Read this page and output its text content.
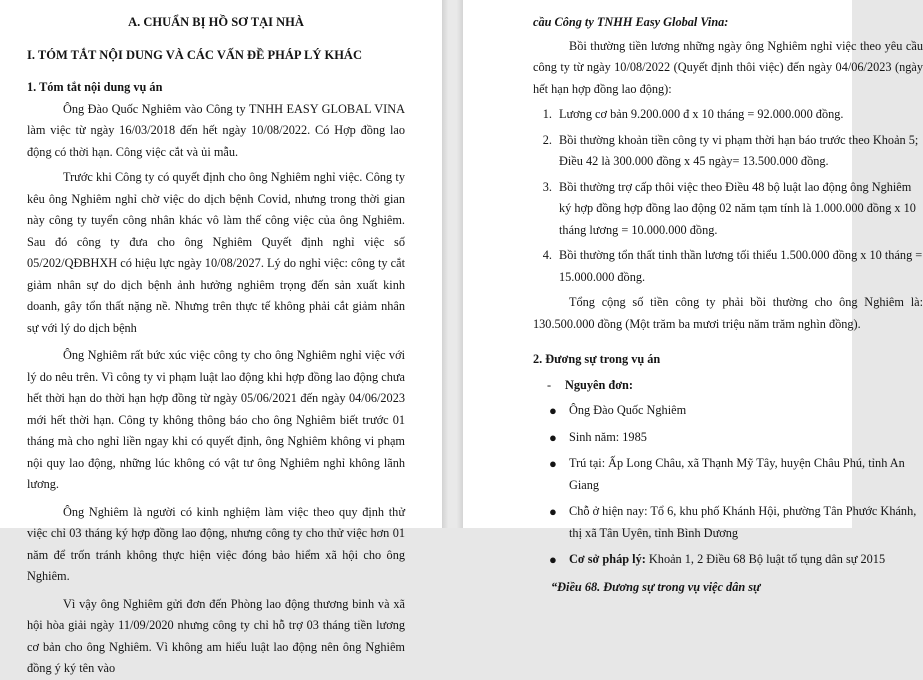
A. CHUẨN BỊ HỒ SƠ TẠI NHÀ
I. TÓM TẮT NỘI DUNG VÀ CÁC VẤN ĐỀ PHÁP LÝ KHÁC
1. Tóm tắt nội dung vụ án

Ông Đào Quốc Nghiêm vào Công ty TNHH EASY GLOBAL VINA làm việc từ ngày 16/03/2018 đến hết ngày 10/08/2022. Có Hợp đồng lao động có thời hạn. Công việc cắt và ủi mẫu.

Trước khi Công ty có quyết định cho ông Nghiêm nghỉ việc. Công ty kêu ông Nghiêm nghỉ chờ việc do dịch bệnh Covid, nhưng trong thời gian này công ty tuyển công nhân khác vô làm thế công việc của ông Nghiêm. Sau đó công ty đưa cho ông Nghiêm Quyết định nghỉ việc số 05/202/QĐBHXH có hiệu lực ngày 10/08/2027. Lý do nghỉ việc: công ty cắt giảm nhân sự do dịch bệnh ảnh hưởng nghiêm trọng đến sản xuất kinh doanh, gây tổn thất nặng nề. Nhưng trên thực tế không phải cắt giảm nhân sự với lý do dịch bệnh

Ông Nghiêm rất bức xúc việc công ty cho ông Nghiêm nghỉ việc với lý do nêu trên. Vì công ty vi phạm luật lao động khi hợp đồng lao động chưa hết thời hạn do thời hạn hợp đồng từ ngày 05/06/2021 đến ngày 04/06/2023 mới hết thời hạn. Công ty không thông báo cho ông Nghiêm biết trước 01 tháng mà cho nghỉ liền ngay khi có quyết định, ông Nghiêm không vi phạm nội quy lao động, những lúc không có vật tư ông Nghiêm nghỉ không lãnh lương.

Ông Nghiêm là người có kinh nghiệm làm việc theo quy định thử việc chỉ 03 tháng ký hợp đồng lao động, nhưng công ty cho thử việc hơn 01 năm để trốn tránh không thực hiện việc đóng bảo hiểm xã hội cho ông Nghiêm.

Vì vậy ông Nghiêm gửi đơn đến Phòng lao động thương binh và xã hội hòa giải ngày 11/09/2020 nhưng công ty chỉ hỗ trợ 03 tháng tiền lương cơ bản cho ông Nghiêm. Vì không am hiểu luật lao động nên ông Nghiêm đồng ý ký tên vào

cầu Công ty TNHH Easy Global Vina:

Bồi thường tiền lương những ngày ông Nghiêm nghỉ việc theo yêu cầu công ty từ ngày 10/08/2022 (Quyết định thôi việc) đến ngày 04/06/2023 (ngày hết hạn hợp đồng lao động):

1. Lương cơ bản 9.200.000 đ x 10 tháng = 92.000.000 đồng.
2. Bồi thường khoản tiền công ty vi phạm thời hạn báo trước theo Khoản 5; Điều 42 là 300.000 đồng x 45 ngày= 13.500.000 đồng.
3. Bồi thường trợ cấp thôi việc theo Điều 48 bộ luật lao động ông Nghiêm ký hợp đồng hợp đồng lao động 02 năm tạm tính là 1.000.000 đồng x 10 tháng lương = 10.000.000 đồng.
4. Bồi thường tổn thất tinh thần lương tối thiểu 1.500.000 đồng x 10 tháng = 15.000.000 đồng.

Tổng cộng số tiền công ty phải bồi thường cho ông Nghiêm là: 130.500.000 đồng (Một trăm ba mươi triệu năm trăm nghìn đồng).

2. Đương sự trong vụ án
- Nguyên đơn:
● Ông Đào Quốc Nghiêm
● Sinh năm: 1985
● Trú tại: Ấp Long Châu, xã Thạnh Mỹ Tây, huyện Châu Phú, tỉnh An Giang
● Chỗ ở hiện nay: Tổ 6, khu phố Khánh Hội, phường Tân Phước Khánh, thị xã Tân Uyên, tỉnh Bình Dương
● Cơ sở pháp lý: Khoản 1, 2 Điều 68 Bộ luật tố tụng dân sự 2015
“Điều 68. Đương sự trong vụ việc dân sự
